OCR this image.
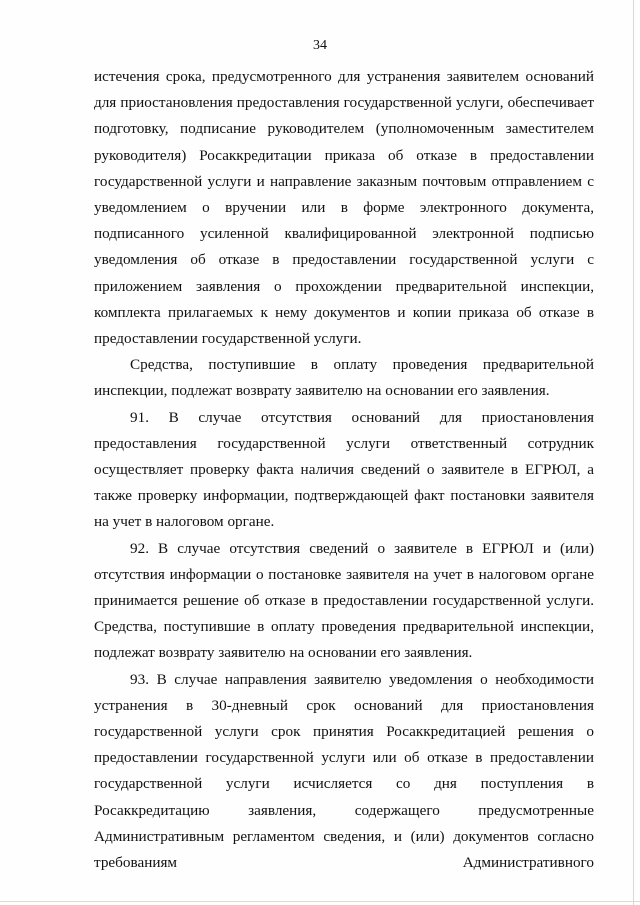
34

истечения срока, предусмотренного для устранения заявителем оснований для приостановления предоставления государственной услуги, обеспечивает подготовку, подписание руководителем (уполномоченным заместителем руководителя) Росаккредитации приказа об отказе в предоставлении государственной услуги и направление заказным почтовым отправлением с уведомлением о вручении или в форме электронного документа, подписанного усиленной квалифицированной электронной подписью уведомления об отказе в предоставлении государственной услуги с приложением заявления о прохождении предварительной инспекции, комплекта прилагаемых к нему документов и копии приказа об отказе в предоставлении государственной услуги.

Средства, поступившие в оплату проведения предварительной инспекции, подлежат возврату заявителю на основании его заявления.

91. В случае отсутствия оснований для приостановления предоставления государственной услуги ответственный сотрудник осуществляет проверку факта наличия сведений о заявителе в ЕГРЮЛ, а также проверку информации, подтверждающей факт постановки заявителя на учет в налоговом органе.

92. В случае отсутствия сведений о заявителе в ЕГРЮЛ и (или) отсутствия информации о постановке заявителя на учет в налоговом органе принимается решение об отказе в предоставлении государственной услуги. Средства, поступившие в оплату проведения предварительной инспекции, подлежат возврату заявителю на основании его заявления.

93. В случае направления заявителю уведомления о необходимости устранения в 30-дневный срок оснований для приостановления государственной услуги срок принятия Росаккредитацией решения о предоставлении государственной услуги или об отказе в предоставлении государственной услуги исчисляется со дня поступления в Росаккредитацию заявления, содержащего предусмотренные Административным регламентом сведения, и (или) документов согласно требованиям Административного
